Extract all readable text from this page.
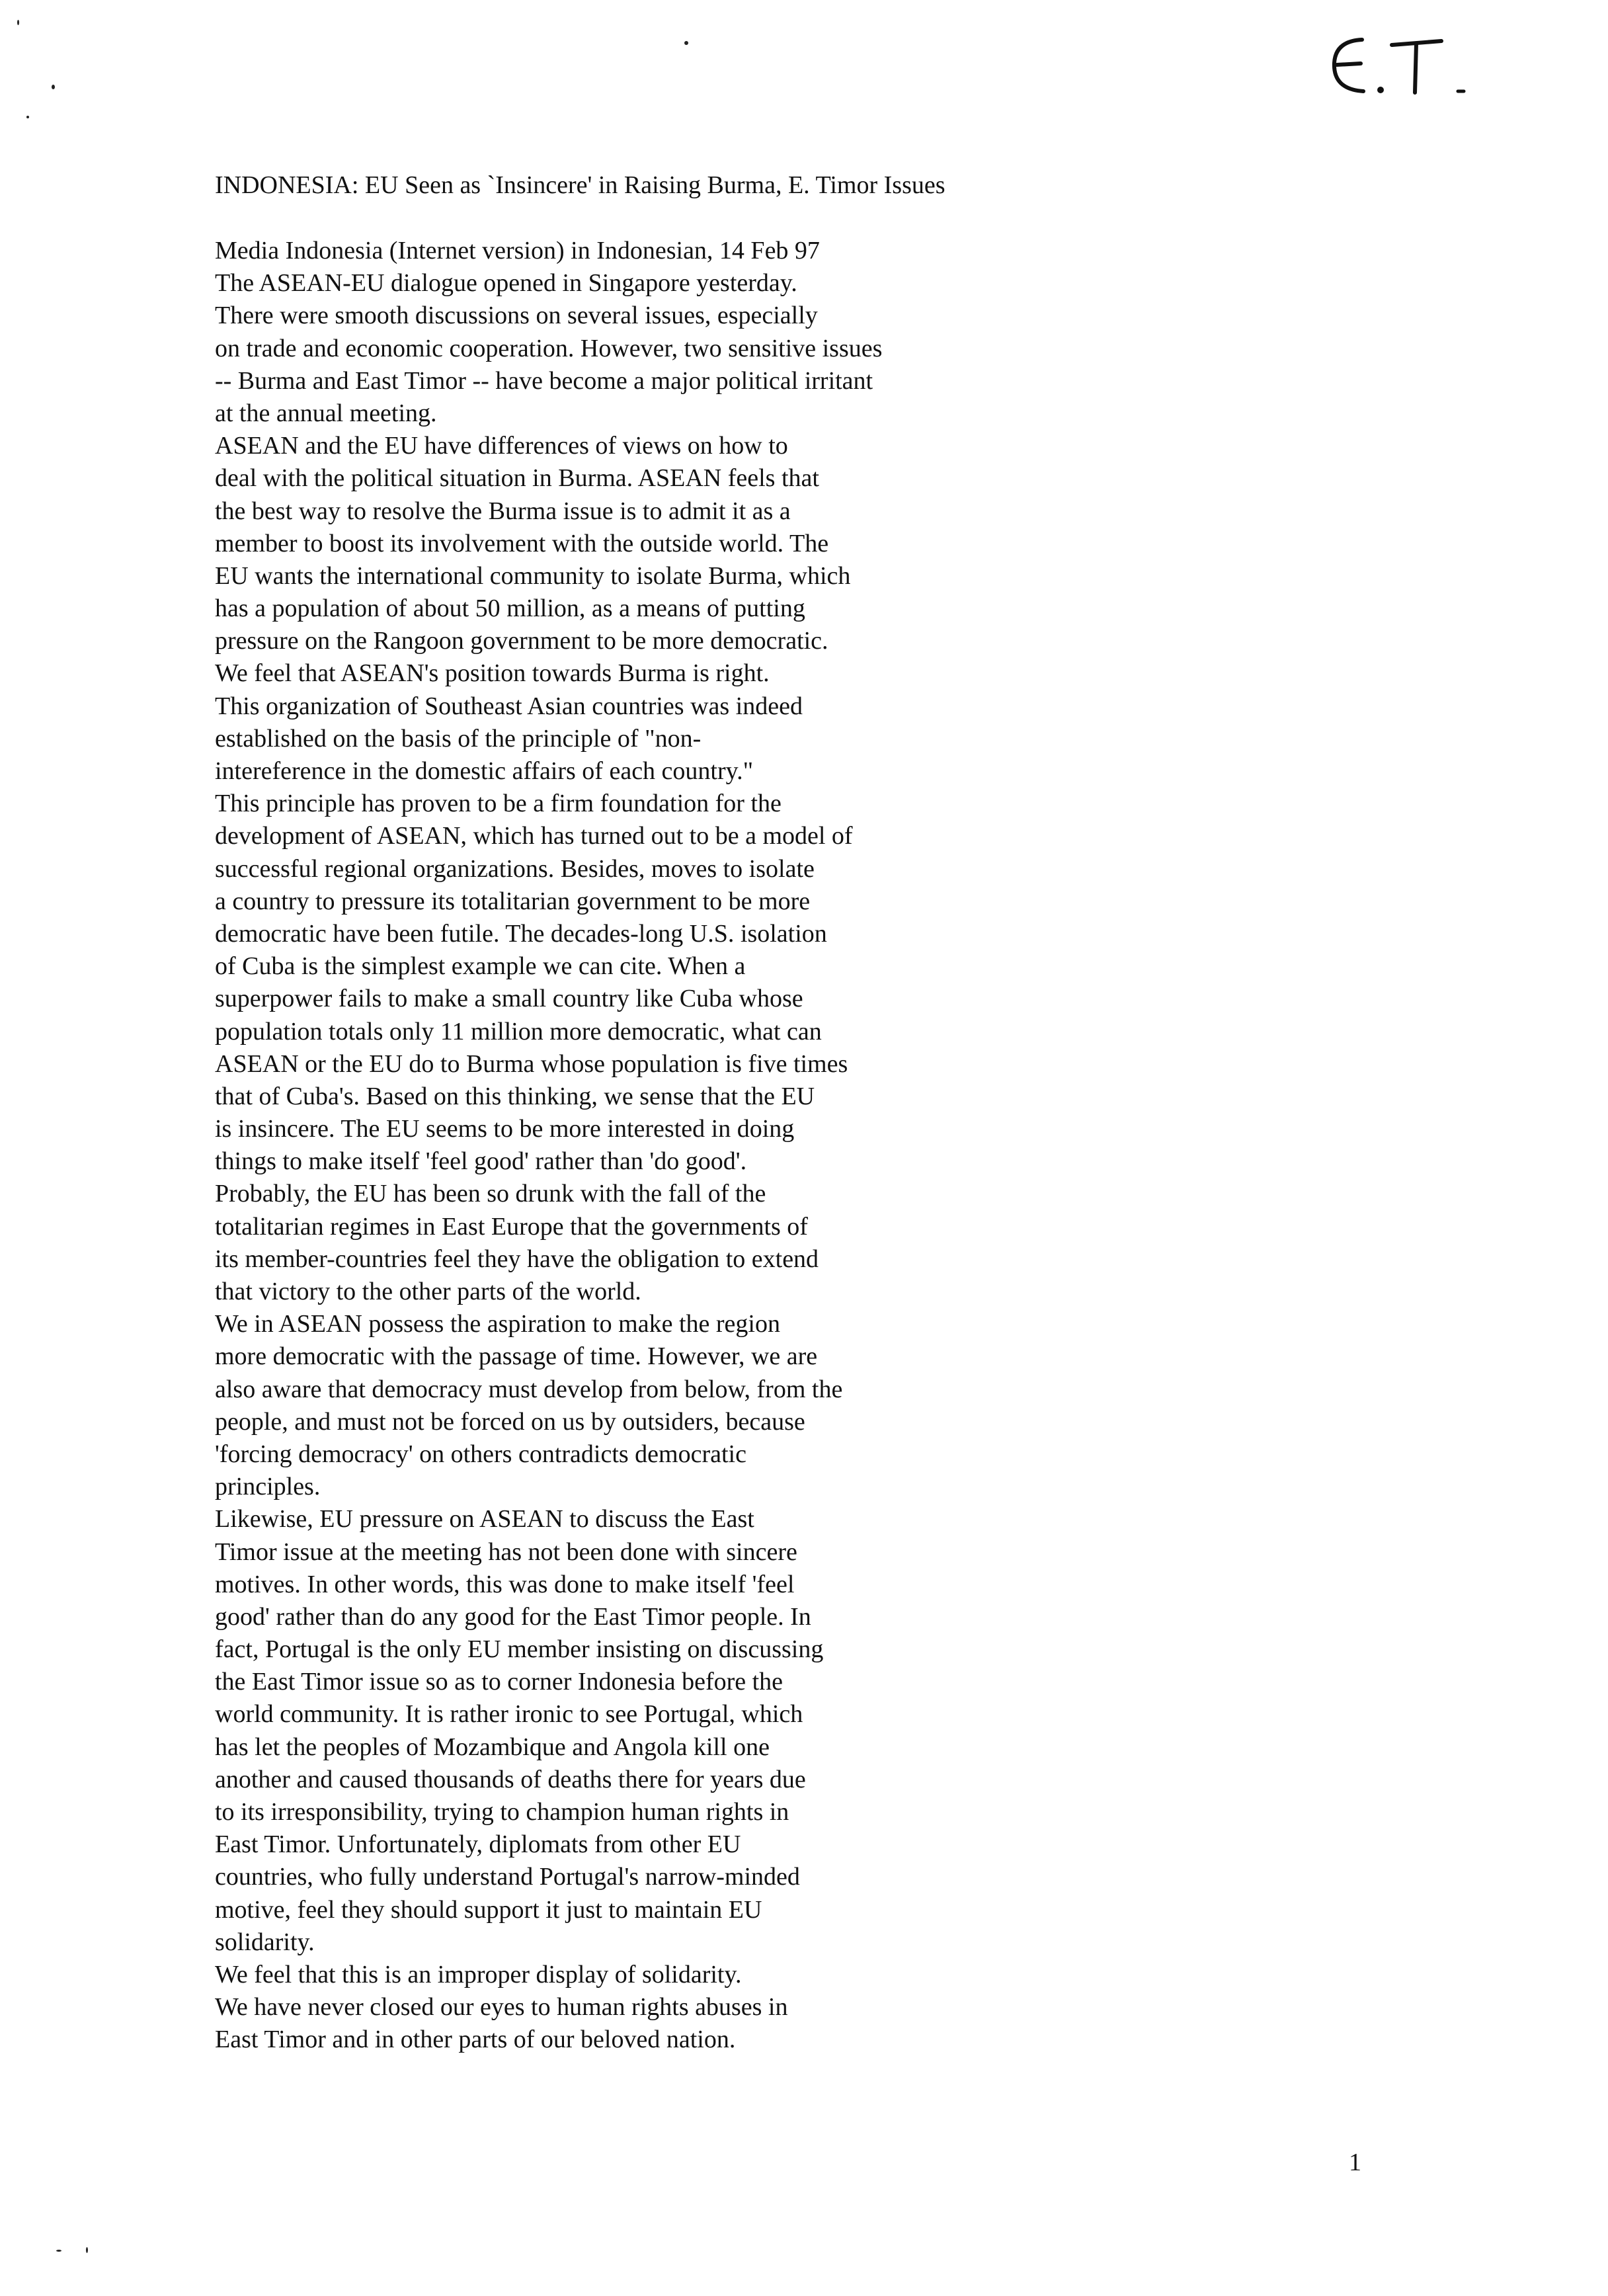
INDONESIA: EU Seen as `Insincere' in Raising Burma, E. Timor Issues
Media Indonesia (Internet version) in Indonesian, 14 Feb 97
The ASEAN-EU dialogue opened in Singapore yesterday.
There were smooth discussions on several issues, especially
on trade and economic cooperation. However, two sensitive issues
-- Burma and East Timor -- have become a major political irritant
at the annual meeting.
ASEAN and the EU have differences of views on how to
deal with the political situation in Burma. ASEAN feels that
the best way to resolve the Burma issue is to admit it as a
member to boost its involvement with the outside world. The
EU wants the international community to isolate Burma, which
has a population of about 50 million, as a means of putting
pressure on the Rangoon government to be more democratic.
We feel that ASEAN's position towards Burma is right.
This organization of Southeast Asian countries was indeed
established on the basis of the principle of "non-
intereference in the domestic affairs of each country."
This principle has proven to be a firm foundation for the
development of ASEAN, which has turned out to be a model of
successful regional organizations. Besides, moves to isolate
a country to pressure its totalitarian government to be more
democratic have been futile. The decades-long U.S. isolation
of Cuba is the simplest example we can cite. When a
superpower fails to make a small country like Cuba whose
population totals only 11 million more democratic, what can
ASEAN or the EU do to Burma whose population is five times
that of Cuba's. Based on this thinking, we sense that the EU
is insincere. The EU seems to be more interested in doing
things to make itself 'feel good' rather than 'do good'.
Probably, the EU has been so drunk with the fall of the
totalitarian regimes in East Europe that the governments of
its member-countries feel they have the obligation to extend
that victory to the other parts of the world.
We in ASEAN possess the aspiration to make the region
more democratic with the passage of time. However, we are
also aware that democracy must develop from below, from the
people, and must not be forced on us by outsiders, because
'forcing democracy' on others contradicts democratic
principles.
Likewise, EU pressure on ASEAN to discuss the East
Timor issue at the meeting has not been done with sincere
motives. In other words, this was done to make itself 'feel
good' rather than do any good for the East Timor people. In
fact, Portugal is the only EU member insisting on discussing
the East Timor issue so as to corner Indonesia before the
world community. It is rather ironic to see Portugal, which
has let the peoples of Mozambique and Angola kill one
another and caused thousands of deaths there for years due
to its irresponsibility, trying to champion human rights in
East Timor. Unfortunately, diplomats from other EU
countries, who fully understand Portugal's narrow-minded
motive, feel they should support it just to maintain EU
solidarity.
We feel that this is an improper display of solidarity.
We have never closed our eyes to human rights abuses in
East Timor and in other parts of our beloved nation.
1
